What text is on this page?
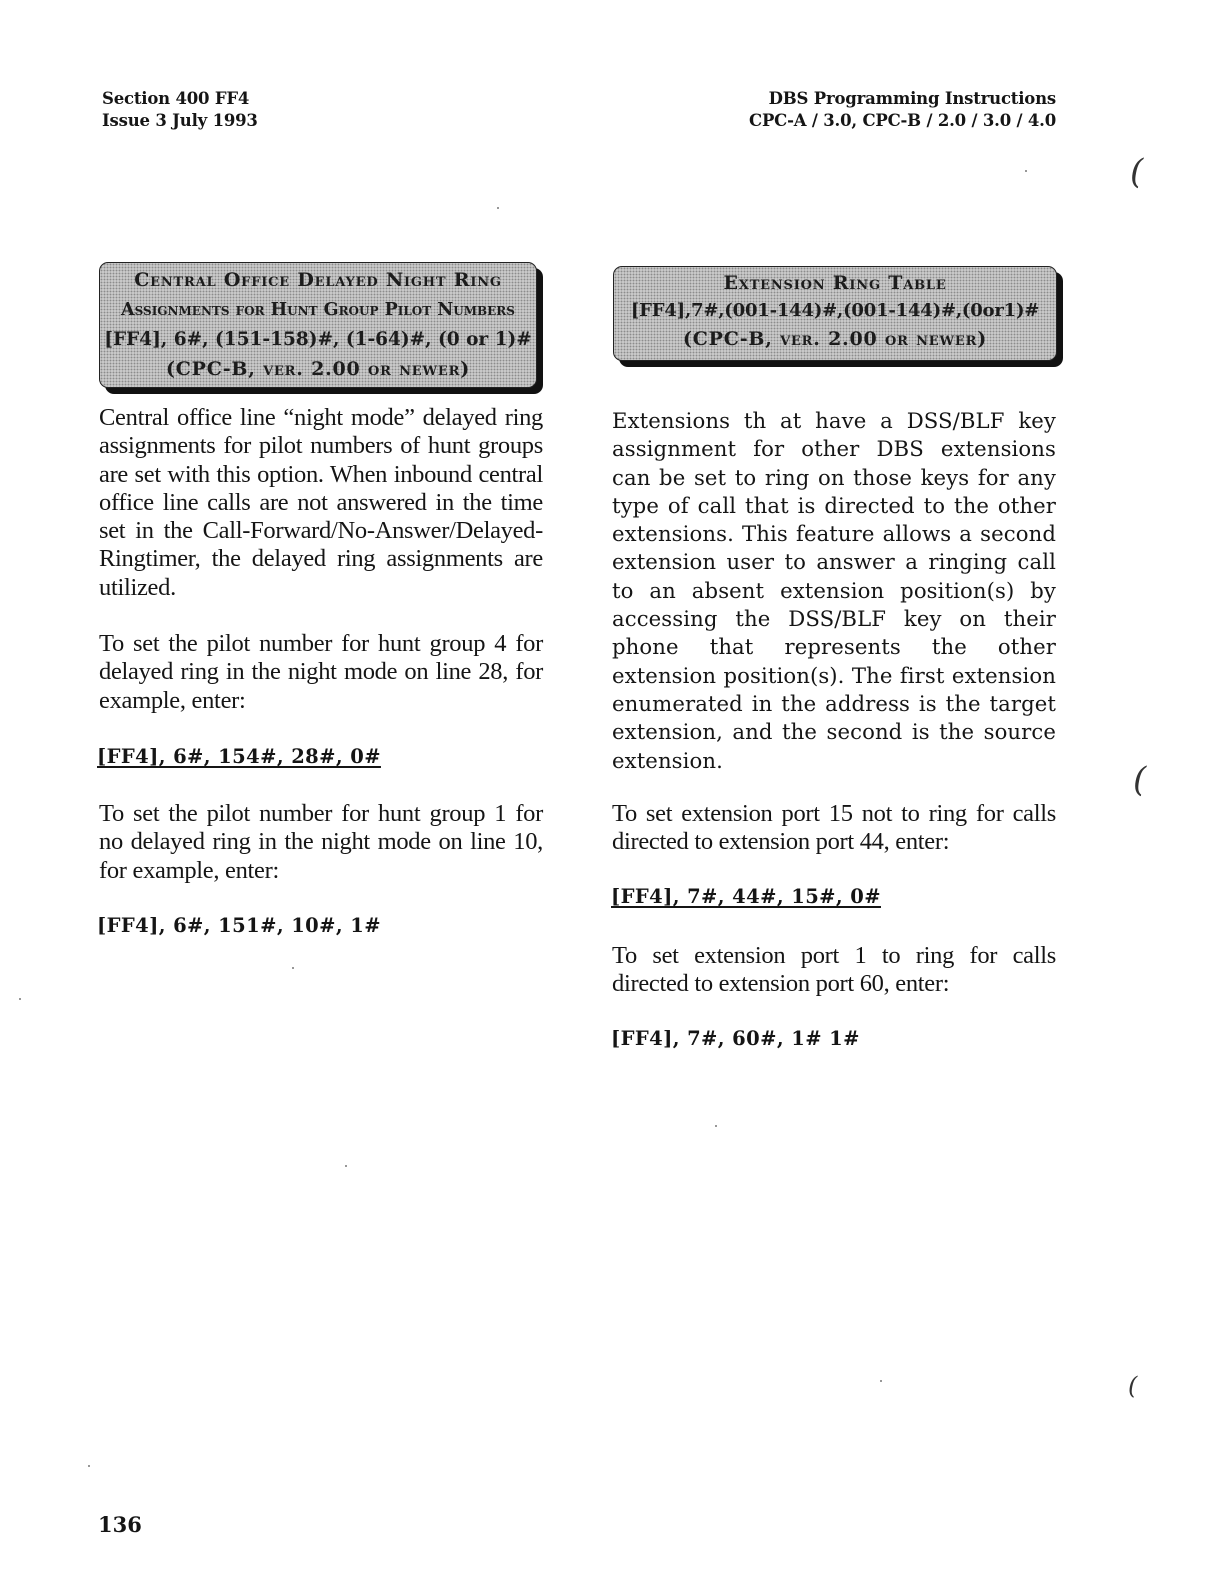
Section 400 FF4
Issue 3 July 1993
DBS Programming Instructions
CPC-A / 3.0, CPC-B / 2.0 / 3.0 / 4.0
Central Office Delayed Night Ring
Assignments for Hunt Group Pilot Numbers
[FF4], 6#, (151-158)#, (1-64)#, (0 or 1)#
(CPC-B, ver. 2.00 or newer)
Extension Ring Table
[FF4],7#,(001-144)#,(001-144)#,(0or1)#
(CPC-B, ver. 2.00 or newer)

Central office line “night mode” delayed ring assignments for pilot numbers of hunt groups are set with this option. When inbound central office line calls are not answered in the time set in the Call-Forward/No-Answer/Delayed-Ringtimer, the delayed ring assignments are utilized.

To set the pilot number for hunt group 4 for delayed ring in the night mode on line 28, for example, enter:

[FF4], 6#, 154#, 28#, 0#

To set the pilot number for hunt group 1 for no delayed ring in the night mode on line 10, for example, enter:

[FF4], 6#, 151#, 10#, 1#

Extensions th at have a DSS/BLF key assignment for other DBS extensions can be set to ring on those keys for any type of call that is directed to the other extensions. This feature allows a second extension user to answer a ringing call to an absent extension position(s) by accessing the DSS/BLF key on their phone that represents the other extension position(s). The first extension enumerated in the address is the target extension, and the second is the source extension.

To set extension port 15 not to ring for calls directed to extension port 44, enter:

[FF4], 7#, 44#, 15#, 0#

To set extension port 1 to ring for calls directed to extension port 60, enter:

[FF4], 7#, 60#, 1# 1#
136
(
(
(
